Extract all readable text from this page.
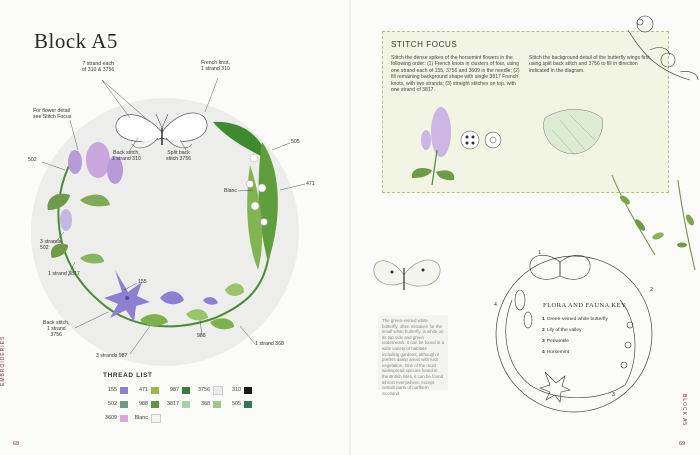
Block A5
7 strand each
of 310 & 3756
French knot,
1 strand 310
For flower detail
see Stitch Focus
Back stitch,
1 strand 310
Split back
stitch 3756
502
505
Blanc
471
3 strands
502
1 strand 3817
155
Back stitch,
1 strand
3756	988
1 strand 368
3 strands 987
THREAD LIST
155	471	987	3756	310
502	988	3817	368	505
3609	Blanc
EMBROIDERIES
68
STITCH FOCUS
Stitch the dense spikes of the horsemint flowers in the following order: (1) French knots in clusters of four, using one strand each of 155, 3756 and 3609 in the needle; (2) fill remaining background shape with single 3817 French knots, with two strands; (3) straight stitches on top, with one strand of 3817.
Stitch the background detail of the butterfly wings first, using split back stitch and 3756 to fill in direction indicated in the diagram.
The green-veined white butterfly, often mistaken for the small white butterfly, is white on its top side and green underneath. It can be found in a wide variety of habitats including gardens, although it prefers damp areas with lush vegetation. One of the most widespread species found in the British Isles, it can be found almost everywhere, except certain parts of northern Scotland.
1
2
3
4	FLORA AND FAUNA KEY
1 Green-veined white butterfly
2 Lily of the valley
3 Periwinkle
4 Horsemint
BLOCK A5
69
